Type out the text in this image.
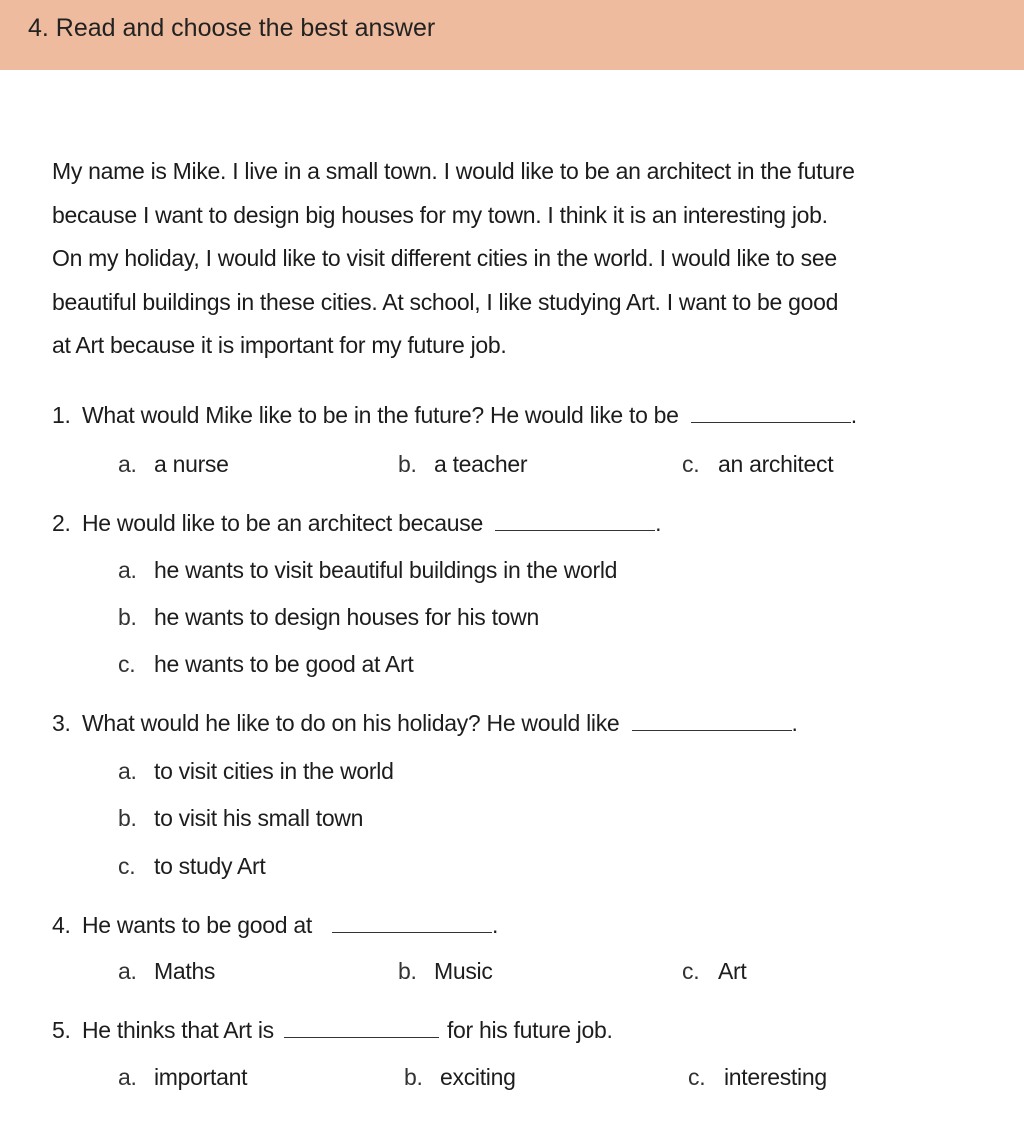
4. Read and choose the best answer

My name is Mike. I live in a small town. I would like to be an architect in the future
because I want to design big houses for my town. I think it is an interesting job.
On my holiday, I would like to visit different cities in the world. I would like to see
beautiful buildings in these cities. At school, I like studying Art. I want to be good
at Art because it is important for my future job.

1. What would Mike like to be in the future? He would like to be	.
a. a nurse	b. a teacher	c. an architect
2. He would like to be an architect because	.
a. he wants to visit beautiful buildings in the world
b. he wants to design houses for his town
c. he wants to be good at Art
3. What would he like to do on his holiday? He would like	.
a. to visit cities in the world
b. to visit his small town
c. to study Art
4. He wants to be good at	.
a. Maths	b. Music	c. Art
5. He thinks that Art is	for his future job.
a. important	b. exciting	c. interesting
